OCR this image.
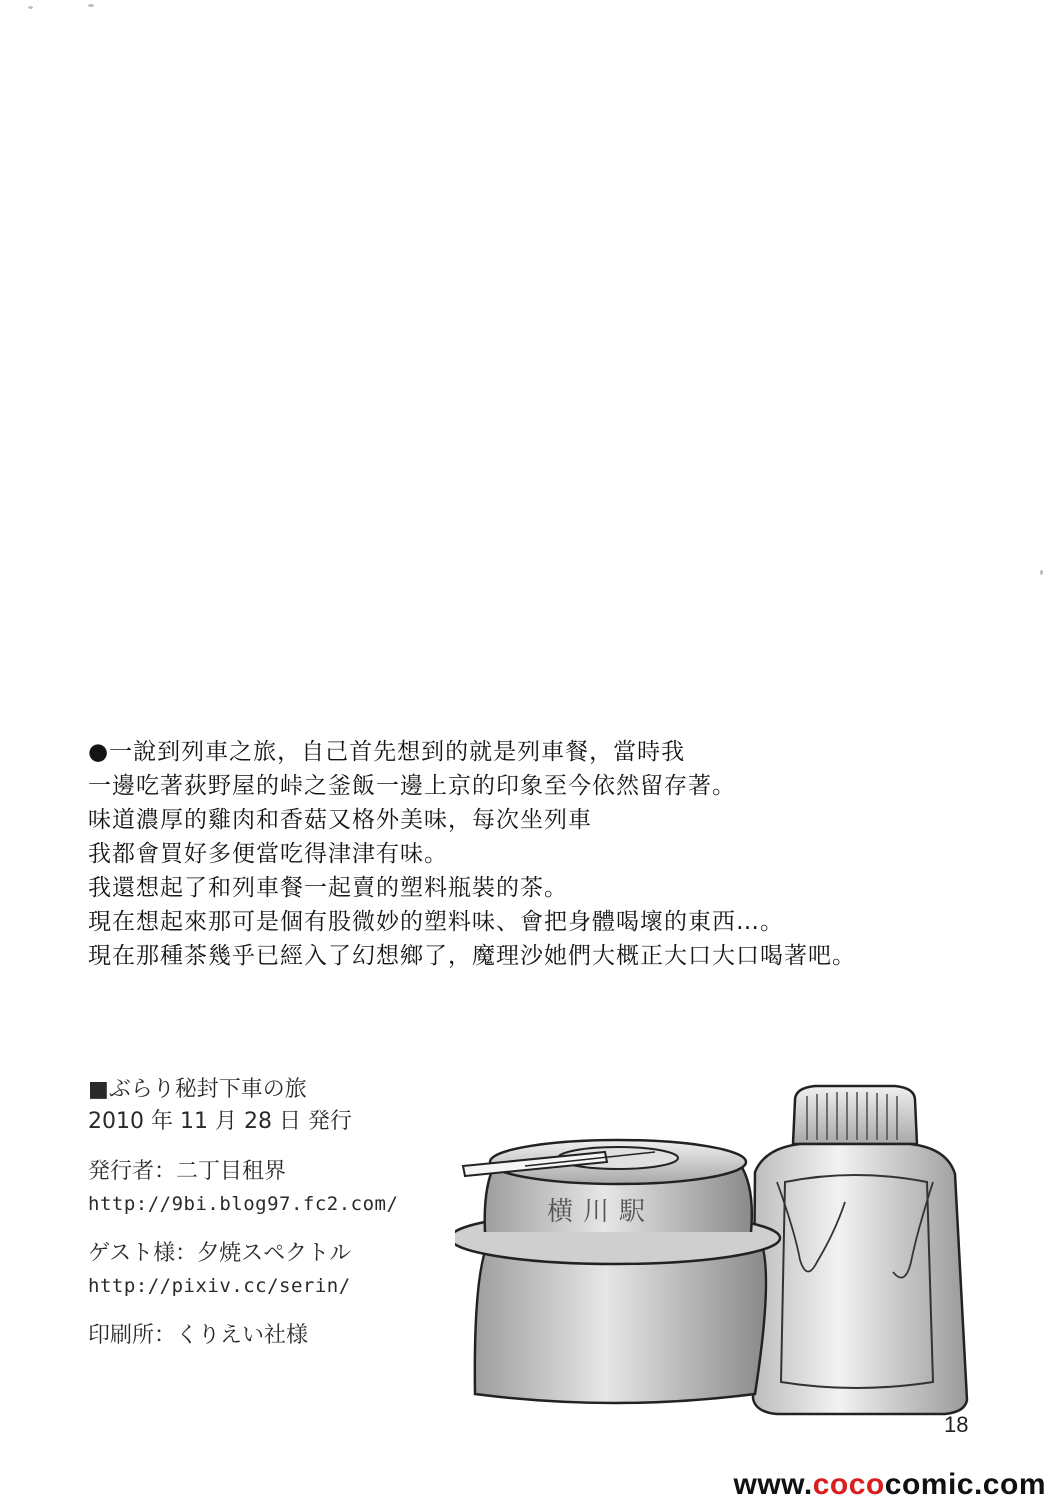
●一說到列車之旅，自己首先想到的就是列車餐，當時我
一邊吃著荻野屋的峠之釜飯一邊上京的印象至今依然留存著。
味道濃厚的雞肉和香菇又格外美味，每次坐列車
我都會買好多便當吃得津津有味。
我還想起了和列車餐一起賣的塑料瓶裝的茶。
現在想起來那可是個有股微妙的塑料味、會把身體喝壞的東西…。
現在那種茶幾乎已經入了幻想鄉了，魔理沙她們大概正大口大口喝著吧。
■ぶらり秘封下車の旅
2010 年 11 月 28 日 発行
発行者：二丁目租界
http://9bi.blog97.fc2.com/
ゲスト様：夕焼スペクトル
http://pixiv.cc/serin/
印刷所：くりえい社様
横川駅
18
www.cococomic.com
